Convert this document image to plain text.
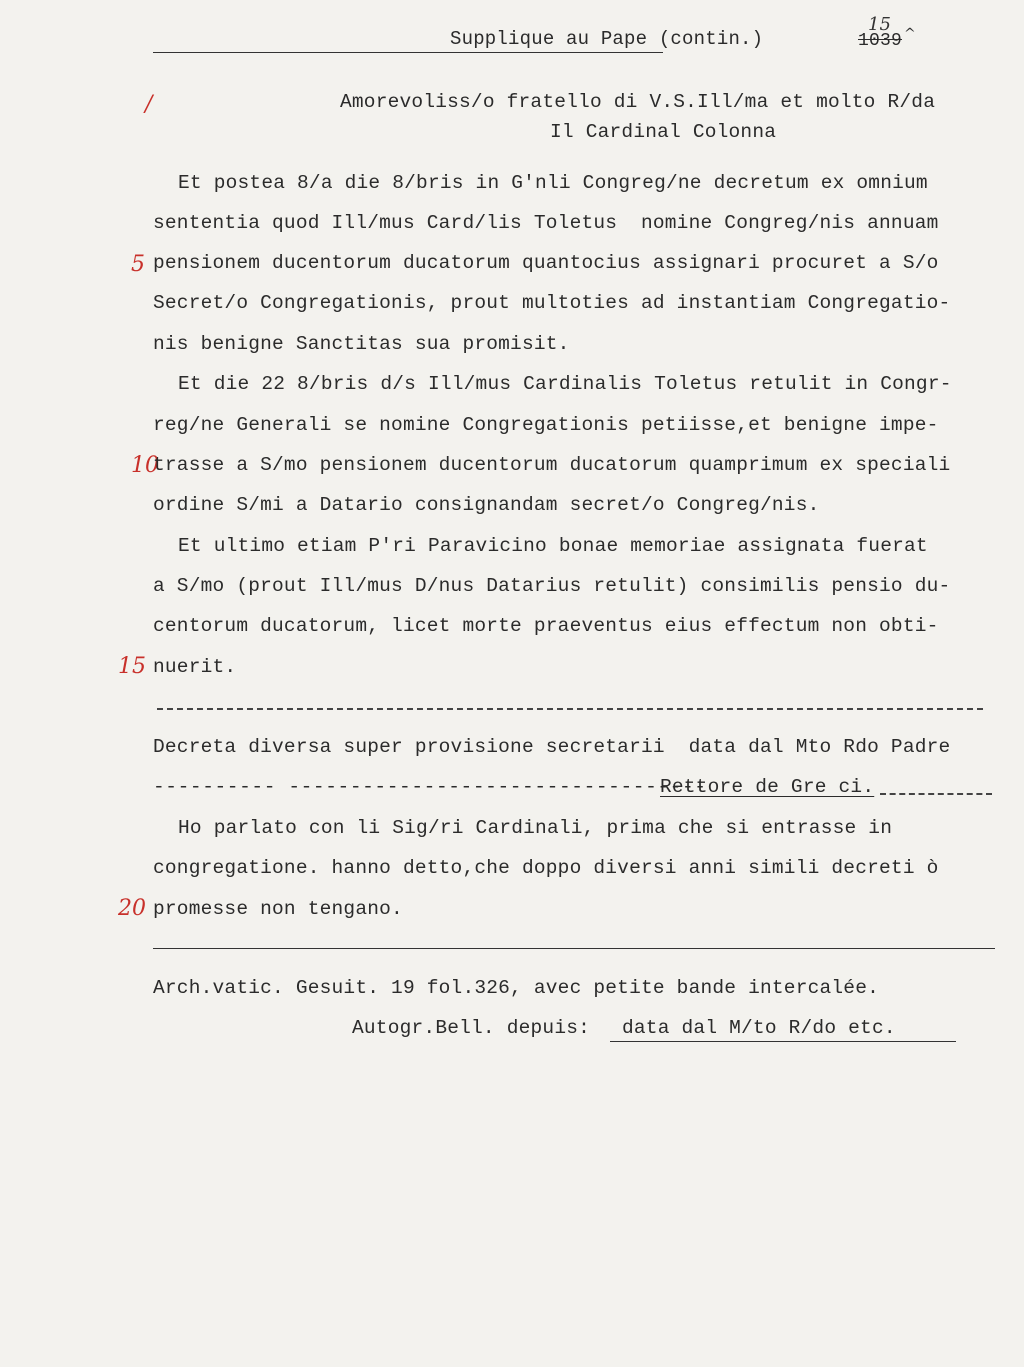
Supplique au Pape (contin.)
15
1039 ^
/
5
10
15
20
Amorevoliss/o fratello di V.S.Ill/ma et molto R/da
Il Cardinal Colonna
Et postea 8/a die 8/bris in G'nli Congreg/ne decretum ex omnium
sententia quod Ill/mus Card/lis Toletus  nomine Congreg/nis annuam
pensionem ducentorum ducatorum quantocius assignari procuret a S/o
Secret/o Congregationis, prout multoties ad instantiam Congregatio-
nis benigne Sanctitas sua promisit.
Et die 22 8/bris d/s Ill/mus Cardinalis Toletus retulit in Congr-
reg/ne Generali se nomine Congregationis petiisse,et benigne impe-
trasse a S/mo pensionem ducentorum ducatorum quamprimum ex speciali
ordine S/mi a Datario consignandam secret/o Congreg/nis.
Et ultimo etiam P'ri Paravicino bonae memoriae assignata fuerat
a S/mo (prout Ill/mus D/nus Datarius retulit) consimilis pensio du-
centorum ducatorum, licet morte praeventus eius effectum non obti-
nuerit.
Decreta diversa super provisione secretarii  data dal Mto Rdo Padre
---------- ----------------------------------
Rettore de Gre ci.
Ho parlato con li Sig/ri Cardinali, prima che si entrasse in
congregatione. hanno detto,che doppo diversi anni simili decreti ò
promesse non tengano.
Arch.vatic. Gesuit. 19 fol.326, avec petite bande intercalée.
Autogr.Bell. depuis: data dal M/to R/do etc.
